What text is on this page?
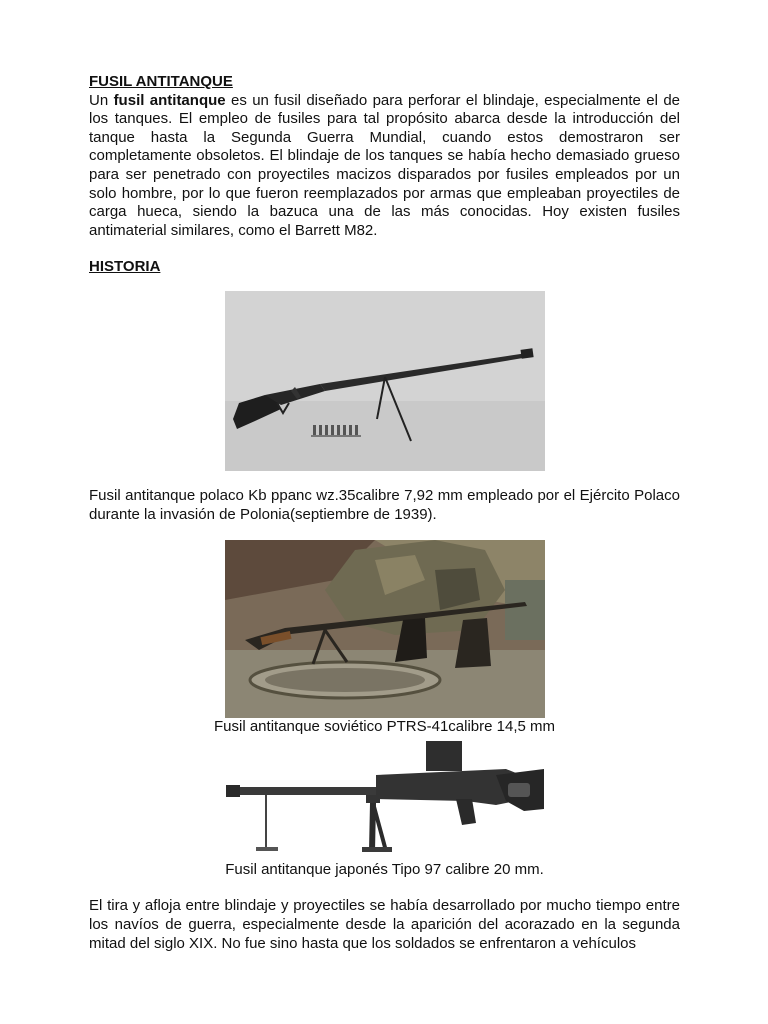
FUSIL ANTITANQUE

Un fusil antitanque es un fusil diseñado para perforar el blindaje, especialmente el de los tanques. El empleo de fusiles para tal propósito abarca desde la introducción del tanque hasta la Segunda Guerra Mundial, cuando estos demostraron ser completamente obsoletos. El blindaje de los tanques se había hecho demasiado grueso para ser penetrado con proyectiles macizos disparados por fusiles empleados por un solo hombre, por lo que fueron reemplazados por armas que empleaban proyectiles de carga hueca, siendo la bazuca una de las más conocidas. Hoy existen fusiles antimaterial similares, como el Barrett M82.

HISTORIA

Fusil antitanque polaco Kb ppanc wz.35calibre 7,92 mm empleado por el Ejército Polaco durante la invasión de Polonia(septiembre de 1939).

Fusil antitanque soviético PTRS-41calibre 14,5 mm

Fusil antitanque japonés Tipo 97 calibre 20 mm.

El tira y afloja entre blindaje y proyectiles se había desarrollado por mucho tiempo entre los navíos de guerra, especialmente desde la aparición del acorazado en la segunda mitad del siglo XIX. No fue sino hasta que los soldados se enfrentaron a vehículos
